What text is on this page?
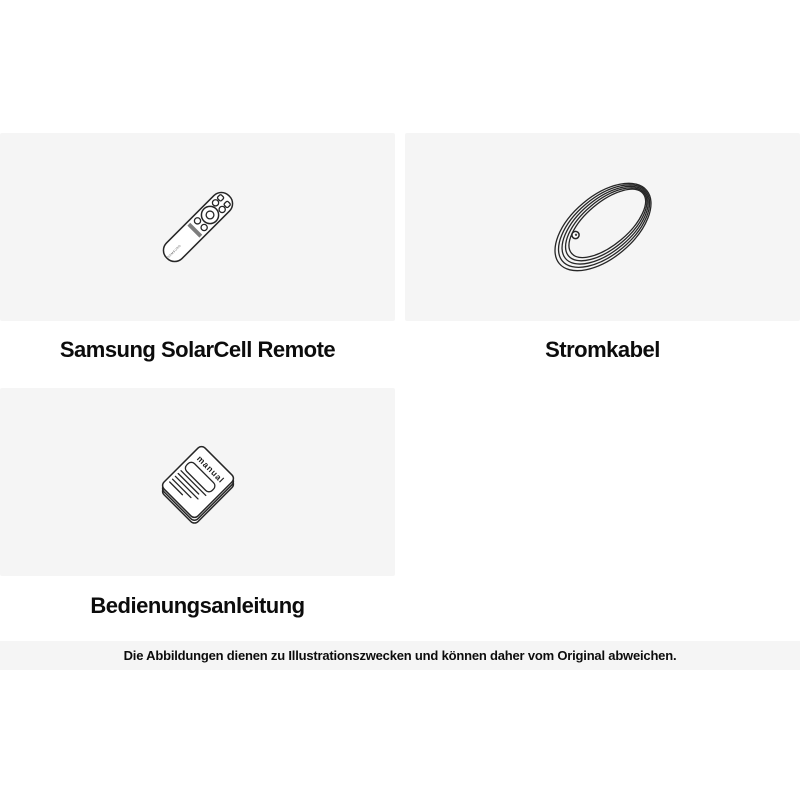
SAMSUNG
Samsung SolarCell Remote	Stromkabel
manual
Bedienungsanleitung
Die Abbildungen dienen zu Illustrationszwecken und können daher vom Original abweichen.
